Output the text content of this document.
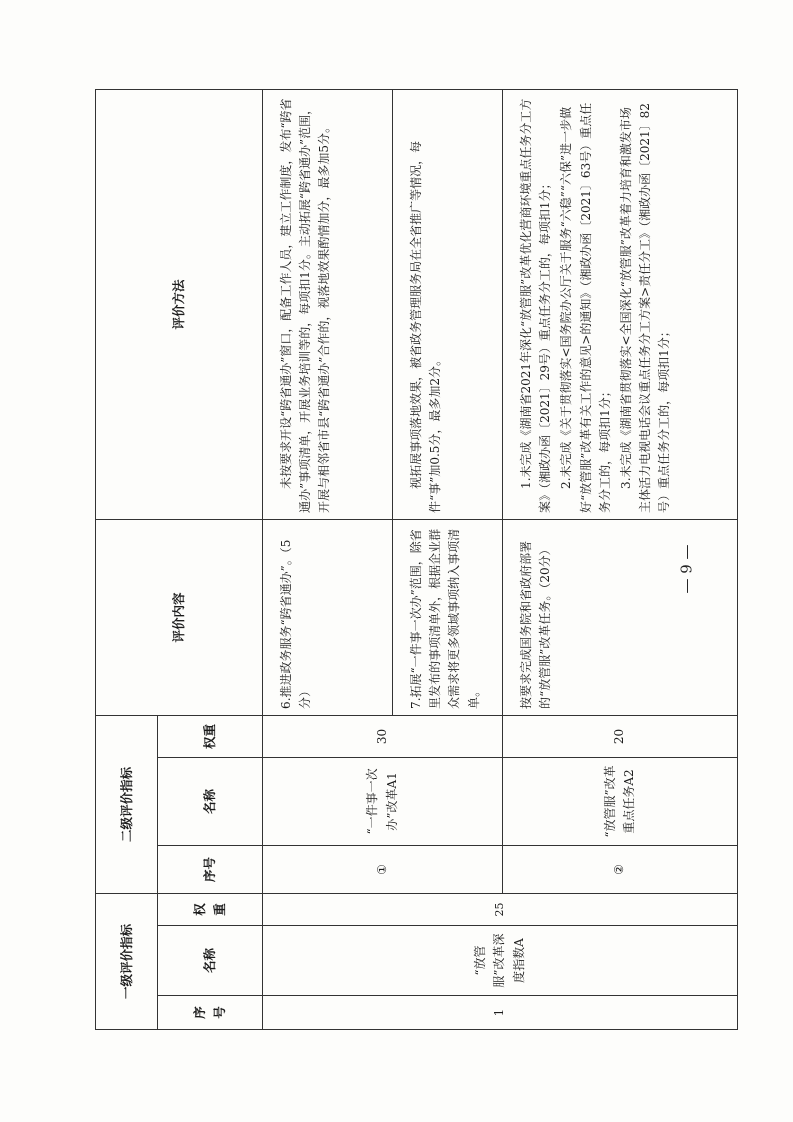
一级评价指标			二级评价指标			评价内容	评价方法
序号	名称	权重	序号	名称	权重		
1	“放管服”改革深度指数A	25	①	“一件事一次办”改革A1	30	6.推进政务服务“跨省通办”。（5分）	未按要求开设“跨省通办”窗口，配备工作人员，建立工作制度，发布“跨省通办”事项清单，开展业务培训等的，每项扣1分。主动拓展“跨省通办”范围，开展与相邻省市县“跨省通办”合作的，视落地效果酌情加分，最多加5分。

						7.拓展“一件事一次办”范围，除省里发布的事项清单外，根据企业群众需求将更多领域事项纳入事项清单。	视拓展事项落地效果，被省政务管理服务局在全省推广等情况，每件“事”加0.5分，最多加2分。

			②	“放管服”改革重点任务A2	20	按要求完成国务院和省政府部署的“放管服”改革任务。（20分）	1.未完成《湖南省2021年深化“放管服”改革优化营商环境重点任务分工方案》（湘政办函〔2021〕29号）重点任务分工的，每项扣1分； 2.未完成《关于贯彻落实<国务院办公厅关于服务“六稳”“六保”进一步做好“放管服”改革有关工作的意见>的通知》（湘政办函〔2021〕63号）重点任务分工的，每项扣1分； 3.未完成《湖南省贯彻落实<全国深化“放管服”改革着力培育和激发市场主体活力电视电话会议重点任务分工方案>责任分工》（湘政办函〔2021〕82号）重点任务分工的，每项扣1分；

— 9 —
